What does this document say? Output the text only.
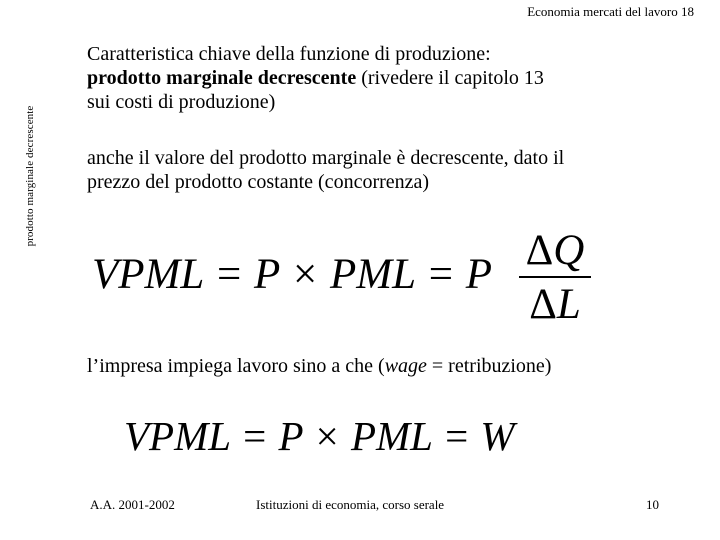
Economia mercati del lavoro 18
prodotto marginale decrescente
Caratteristica chiave della funzione di produzione:
prodotto marginale decrescente (rivedere il capitolo 13
sui costi di produzione)
anche il valore del prodotto marginale è decrescente, dato il
prezzo del prodotto costante (concorrenza)
VPML = P × PML = P
ΔQ
ΔL
l’impresa impiega lavoro sino a che (wage = retribuzione)
VPML = P × PML = W
A.A. 2001-2002	Istituzioni di economia, corso serale	10
